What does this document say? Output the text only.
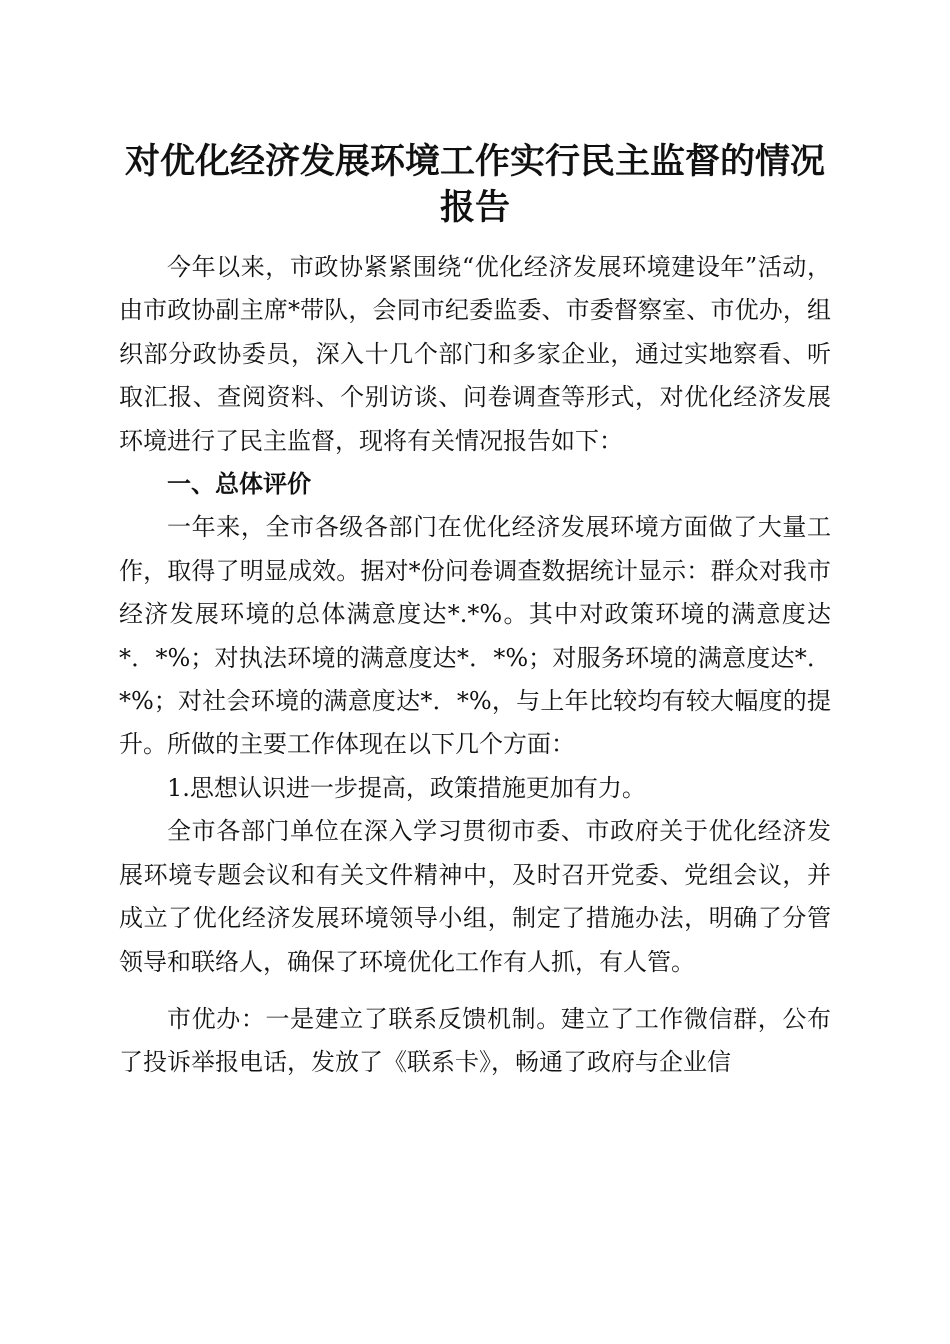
对优化经济发展环境工作实行民主监督的情况
报告

今年以来，市政协紧紧围绕“优化经济发展环境建设年”活动，由市政协副主席*带队，会同市纪委监委、市委督察室、市优办，组织部分政协委员，深入十几个部门和多家企业，通过实地察看、听取汇报、查阅资料、个别访谈、问卷调查等形式，对优化经济发展环境进行了民主监督，现将有关情况报告如下：

一、总体评价

一年来，全市各级各部门在优化经济发展环境方面做了大量工作，取得了明显成效。据对*份问卷调查数据统计显示：群众对我市经济发展环境的总体满意度达*.*%。其中对政策环境的满意度达*．*%；对执法环境的满意度达*．*%；对服务环境的满意度达*．*%；对社会环境的满意度达*．*%，与上年比较均有较大幅度的提升。所做的主要工作体现在以下几个方面：

1.思想认识进一步提高，政策措施更加有力。

全市各部门单位在深入学习贯彻市委、市政府关于优化经济发展环境专题会议和有关文件精神中，及时召开党委、党组会议，并成立了优化经济发展环境领导小组，制定了措施办法，明确了分管领导和联络人，确保了环境优化工作有人抓，有人管。

市优办：一是建立了联系反馈机制。建立了工作微信群，公布了投诉举报电话，发放了《联系卡》，畅通了政府与企业信
